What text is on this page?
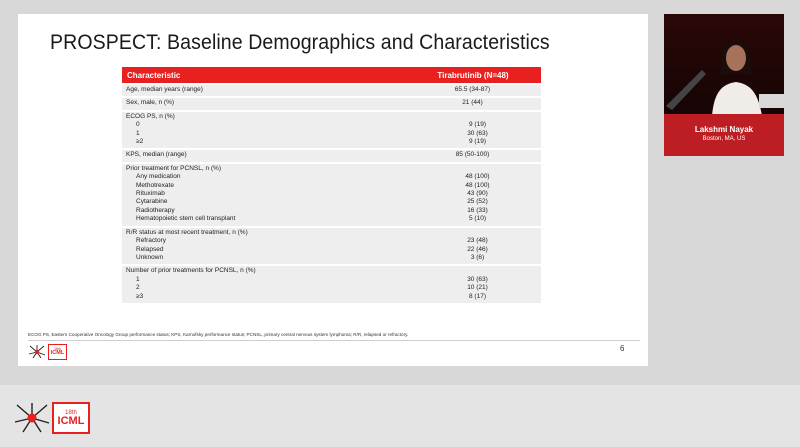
PROSPECT: Baseline Demographics and Characteristics
Characteristic	Tirabrutinib (N=48)
Age, median years (range)	65.5 (34-87)
Sex, male, n (%)	21 (44)
ECOG PS, n (%)
0	9 (19)
1	30 (63)
≥2	9 (19)
KPS, median (range)	85 (50-100)
Prior treatment for PCNSL, n (%)
Any medication	48 (100)
Methotrexate	48 (100)
Rituximab	43 (90)
Cytarabine	25 (52)
Radiotherapy	16 (33)
Hematopoietic stem cell transplant	5 (10)
R/R status at most recent treatment, n (%)
Refractory	23 (48)
Relapsed	22 (46)
Unknown	3 (6)
Number of prior treatments for PCNSL, n (%)
1	30 (63)
2	10 (21)
≥3	8 (17)
ECOG PS, Eastern Cooperative Oncology Group performance status; KPS, Karnofsky performance status; PCNSL, primary central nervous system lymphoma; R/R, relapsed or refractory.
18th
ICML	6
Lakshmi Nayak
Boston, MA, US
18th
ICML
